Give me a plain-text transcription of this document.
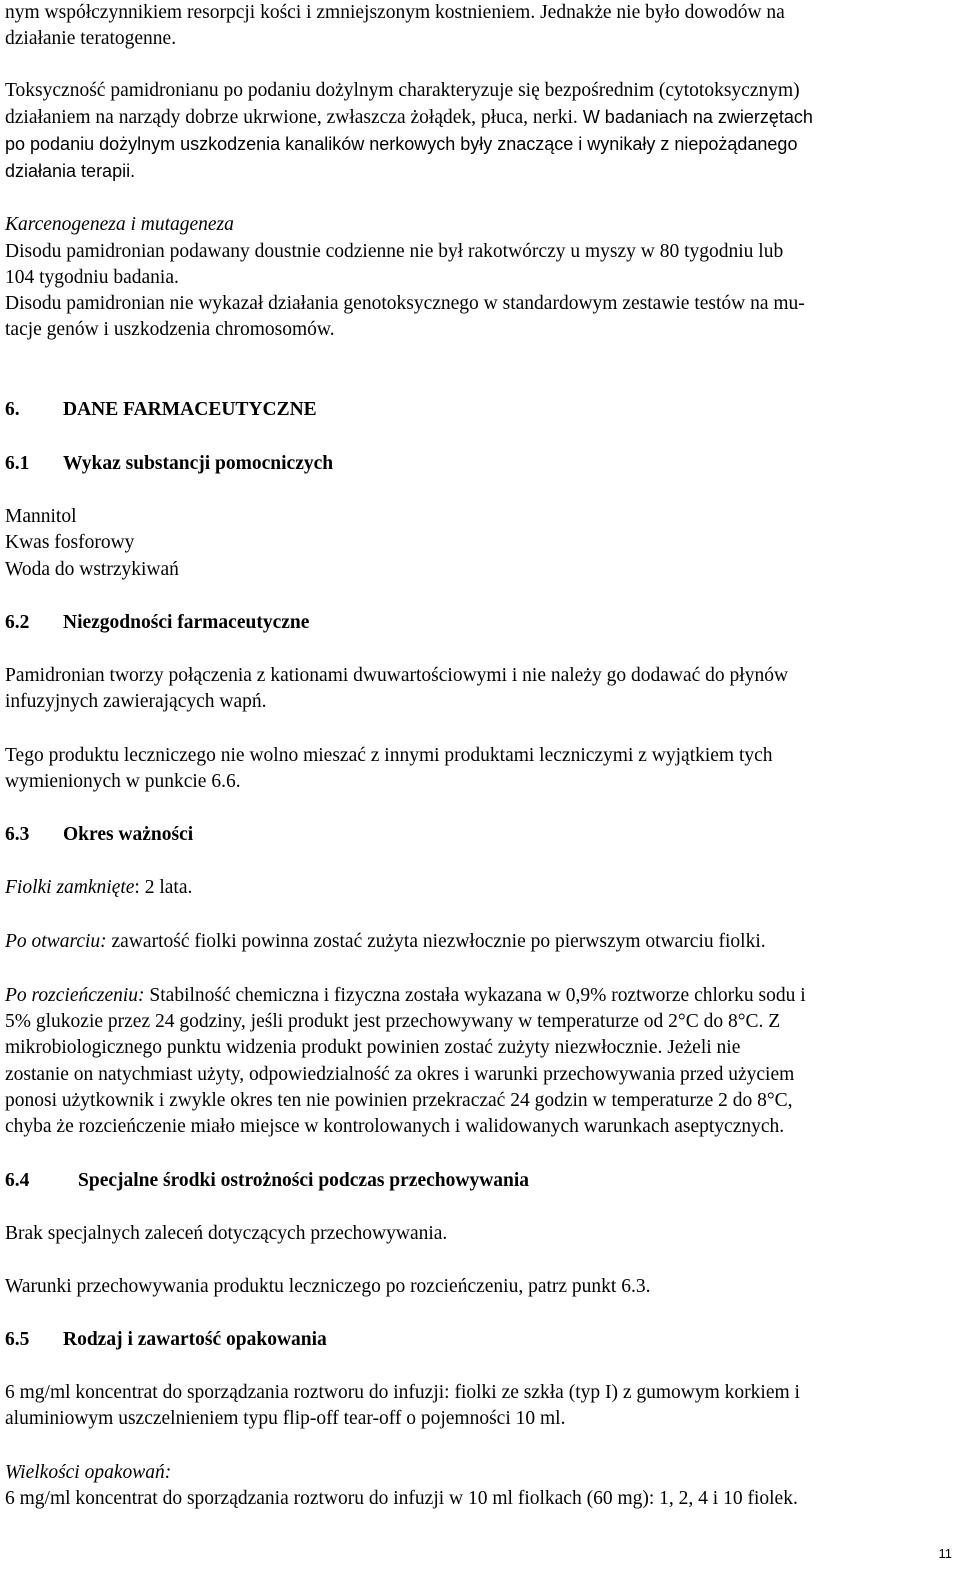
nym współczynnikiem resorpcji kości i zmniejszonym kostnieniem. Jednakże nie było dowodów na
działanie teratogenne.
Toksyczność pamidronianu po podaniu dożylnym charakteryzuje się bezpośrednim (cytotoksycznym)
działaniem na narządy dobrze ukrwione, zwłaszcza żołądek, płuca, nerki. W badaniach na zwierzętach
po podaniu dożylnym uszkodzenia kanalików nerkowych były znaczące i wynikały z niepożądanego
działania terapii.
Karcenogeneza i mutageneza
Disodu pamidronian podawany doustnie codzienne nie był rakotwórczy u myszy w 80 tygodniu lub
104 tygodniu badania.
Disodu pamidronian nie wykazał działania genotoksycznego w standardowym zestawie testów na mu-
tacje genów i uszkodzenia chromosomów.
6. DANE FARMACEUTYCZNE
6.1 Wykaz substancji pomocniczych
Mannitol
Kwas fosforowy
Woda do wstrzykiwań
6.2 Niezgodności farmaceutyczne
Pamidronian tworzy połączenia z kationami dwuwartościowymi i nie należy go dodawać do płynów
infuzyjnych zawierających wapń.
Tego produktu leczniczego nie wolno mieszać z innymi produktami leczniczymi z wyjątkiem tych
wymienionych w punkcie 6.6.
6.3 Okres ważności
Fiolki zamknięte: 2 lata.
Po otwarciu: zawartość fiolki powinna zostać zużyta niezwłocznie po pierwszym otwarciu fiolki.
Po rozcieńczeniu: Stabilność chemiczna i fizyczna została wykazana w 0,9% roztworze chlorku sodu i
5% glukozie przez 24 godziny, jeśli produkt jest przechowywany w temperaturze od 2°C do 8°C. Z
mikrobiologicznego punktu widzenia produkt powinien zostać zużyty niezwłocznie. Jeżeli nie
zostanie on natychmiast użyty, odpowiedzialność za okres i warunki przechowywania przed użyciem
ponosi użytkownik i zwykle okres ten nie powinien przekraczać 24 godzin w temperaturze 2 do 8°C,
chyba że rozcieńczenie miało miejsce w kontrolowanych i walidowanych warunkach aseptycznych.
6.4 Specjalne środki ostrożności podczas przechowywania
Brak specjalnych zaleceń dotyczących przechowywania.
Warunki przechowywania produktu leczniczego po rozcieńczeniu, patrz punkt 6.3.
6.5 Rodzaj i zawartość opakowania
6 mg/ml koncentrat do sporządzania roztworu do infuzji: fiolki ze szkła (typ I) z gumowym korkiem i
aluminiowym uszczelnieniem typu flip-off tear-off o pojemności 10 ml.
Wielkości opakowań:
6 mg/ml koncentrat do sporządzania roztworu do infuzji w 10 ml fiolkach (60 mg): 1, 2, 4 i 10 fiolek.
11
